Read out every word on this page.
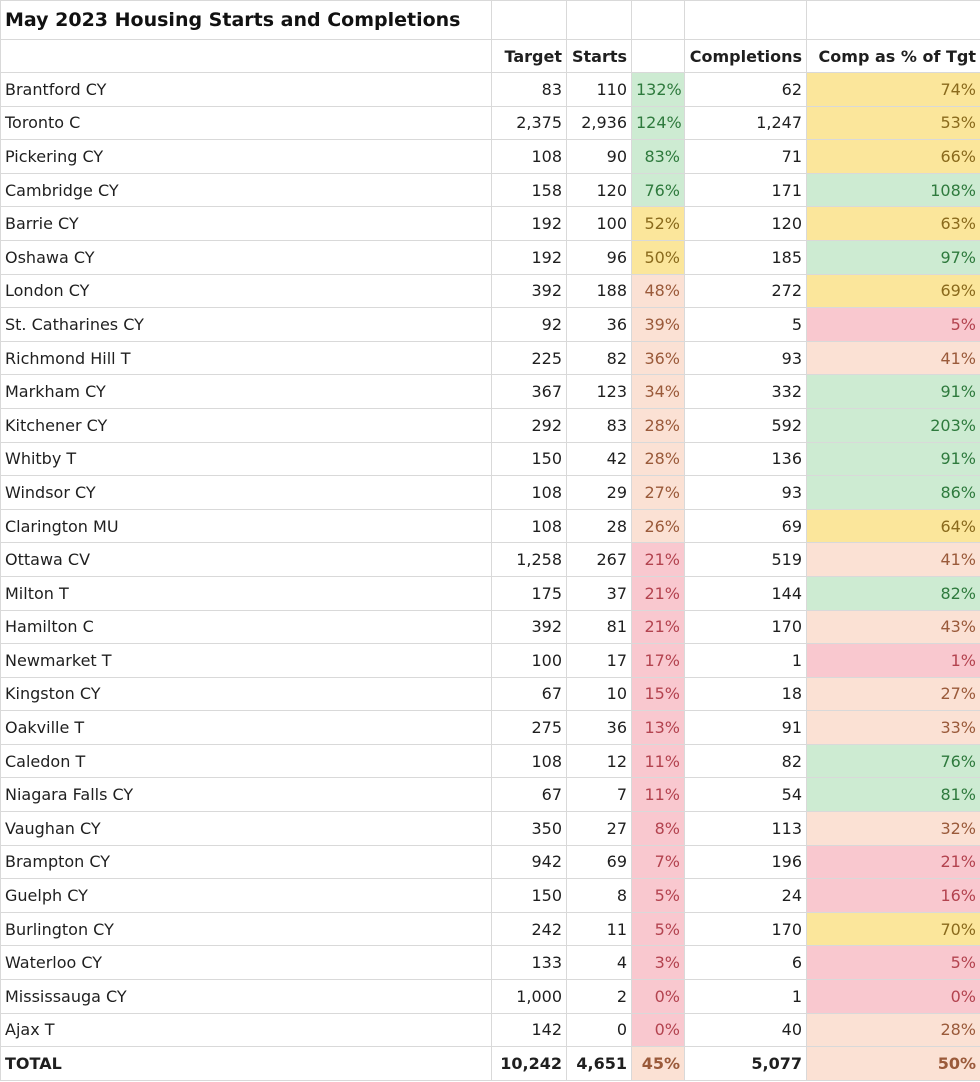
May 2023 Housing Starts and Completions					
	Target	Starts		Completions	Comp as % of Tgt
Brantford CY	83	110	132%	62	74%
Toronto C	2,375	2,936	124%	1,247	53%
Pickering CY	108	90	83%	71	66%
Cambridge CY	158	120	76%	171	108%
Barrie CY	192	100	52%	120	63%
Oshawa CY	192	96	50%	185	97%
London CY	392	188	48%	272	69%
St. Catharines CY	92	36	39%	5	5%
Richmond Hill T	225	82	36%	93	41%
Markham CY	367	123	34%	332	91%
Kitchener CY	292	83	28%	592	203%
Whitby T	150	42	28%	136	91%
Windsor CY	108	29	27%	93	86%
Clarington MU	108	28	26%	69	64%
Ottawa CV	1,258	267	21%	519	41%
Milton T	175	37	21%	144	82%
Hamilton C	392	81	21%	170	43%
Newmarket T	100	17	17%	1	1%
Kingston CY	67	10	15%	18	27%
Oakville T	275	36	13%	91	33%
Caledon T	108	12	11%	82	76%
Niagara Falls CY	67	7	11%	54	81%
Vaughan CY	350	27	8%	113	32%
Brampton CY	942	69	7%	196	21%
Guelph CY	150	8	5%	24	16%
Burlington CY	242	11	5%	170	70%
Waterloo CY	133	4	3%	6	5%
Mississauga CY	1,000	2	0%	1	0%
Ajax T	142	0	0%	40	28%
TOTAL	10,242	4,651	45%	5,077	50%
